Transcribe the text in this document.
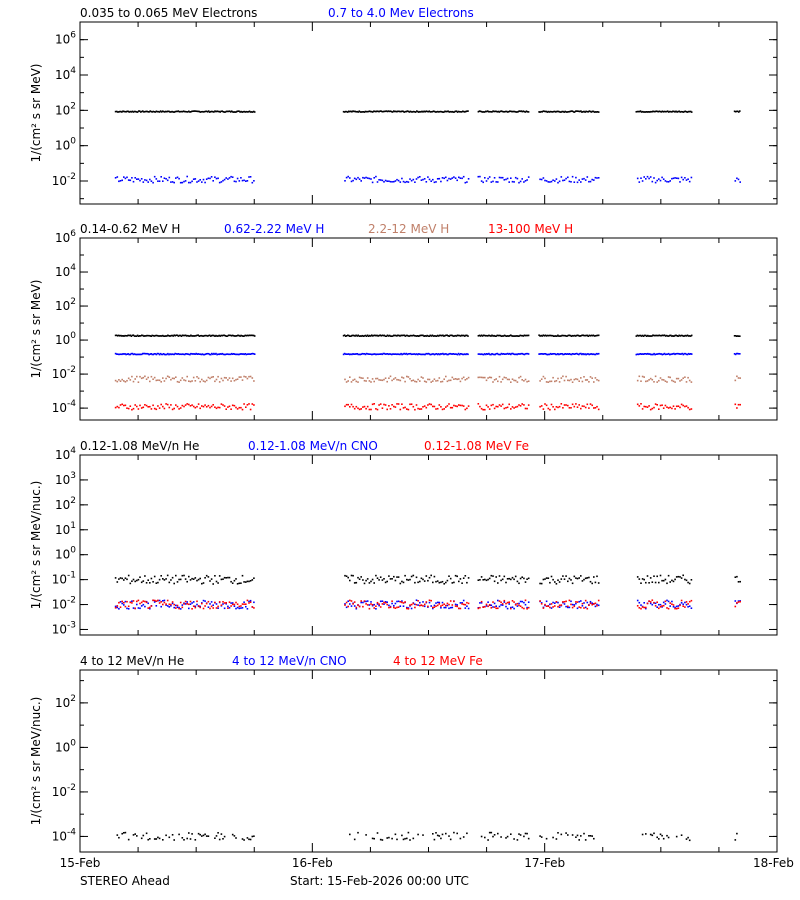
$10^{-2}$
$10^0$
$10^2$
$10^4$
$10^6$
1/(cm² s sr MeV)
0.035 to 0.065 MeV Electrons	0.7 to 4.0 Mev Electrons
$10^{-4}$
$10^{-2}$
$10^0$
$10^2$
$10^4$
$10^6$
1/(cm² s sr MeV)
0.14-0.62 MeV H	0.62-2.22 MeV H	2.2-12 MeV H	13-100 MeV H
$10^{-3}$
$10^{-2}$
$10^{-1}$
$10^0$
$10^1$
$10^2$
$10^3$
$10^4$
1/(cm² s sr MeV/nuc.)
0.12-1.08 MeV/n He	0.12-1.08 MeV/n CNO	0.12-1.08 MeV Fe
$10^{-4}$
$10^{-2}$
$10^0$
$10^2$
1/(cm² s sr MeV/nuc.)
4 to 12 MeV/n He	4 to 12 MeV/n CNO	4 to 12 MeV Fe
15-Feb	16-Feb	17-Feb	18-Feb
STEREO Ahead	Start: 15-Feb-2026 00:00 UTC
